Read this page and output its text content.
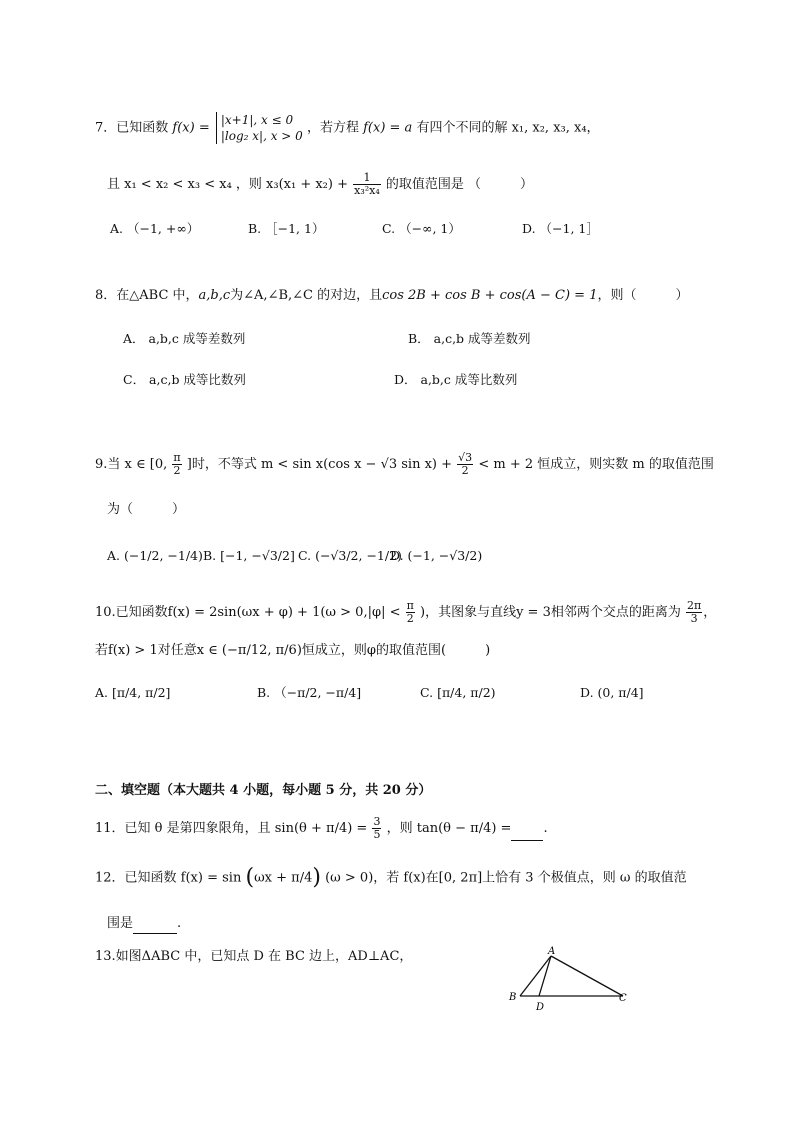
7．已知函数 f(x) =
|x+1|, x ≤ 0
|log₂ x|, x > 0
，若方程 f(x) = a 有四个不同的解 x₁, x₂, x₃, x₄，
且 x₁ < x₂ < x₃ < x₄ ，则 $x_3(x_1 + x_2) + \frac{1}{\text{x₃²x₄}}$ 的取值范围是 （　　　）
A. （−1, +∞）	B. ［−1, 1）	C. （−∞, 1）	D. （−1, 1］
8．在△ABC 中，a,b,c为∠A,∠B,∠C 的对边，且cos 2B + cos B + cos(A − C) = 1，则（　　　）
A． a,b,c 成等差数列	B． a,c,b 成等差数列
C． a,c,b 成等比数列	D． a,b,c 成等比数列
9.当 x ∈ [0, $\frac{\pi}{2}$ ]时，不等式 m < sin x(cos x − √3 $\sin x) + \frac{√3}{2} < m + 2$ 恒成立，则实数 m 的取值范围
为（　　　）
A. (−1/2, −1/4) B. [−1, −√3/2] C. (−√3/2, −1/2)
D. (−1, −√3/2)
10.已知函数$f(x) = 2\sin(\omega x + \varphi) + 1(\omega > 0,|\varphi| < \frac{\pi}{2}$ )，其图象与直线y = 3相邻两个交点的距离为 $\frac{2\pi}{3}$ ，
若f(x) > 1对任意x ∈ (−π/12, π/6)恒成立，则φ的取值范围(　　　)
A. [π/4, π/2]	B. （−π/2, −π/4]	C. [π/4, π/2)	D. (0, π/4]
二、填空题（本大题共 4 小题，每小题 5 分，共 20 分）
11．已知 θ 是第四象限角，且 $\sin(\theta + \pi/4) = \frac{3}{5}$ ，则 tan(θ − π/4) = .
12．已知函数 f(x) = sin (ωx + π/4) (ω > 0)，若 f(x)在[0, 2π]上恰有 3 个极值点，则 ω 的取值范
围是	.
13.如图ΔABC 中，已知点 D 在 BC 边上，AD⊥AC，	A
B
D
C
